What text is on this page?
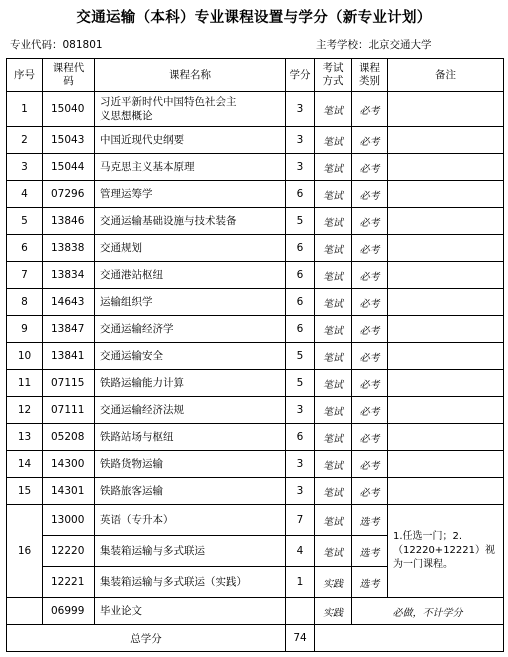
交通运输（本科）专业课程设置与学分（新专业计划）
专业代码：081801	主考学校：北京交通大学
序号	课程代码	课程名称	学分	考试方式	课程类别	备注
1	15040	习近平新时代中国特色社会主义思想概论	3	笔试	必考	
2	15043	中国近现代史纲要	3	笔试	必考	
3	15044	马克思主义基本原理	3	笔试	必考	
4	07296	管理运筹学	6	笔试	必考	
5	13846	交通运输基础设施与技术装备	5	笔试	必考	
6	13838	交通规划	6	笔试	必考	
7	13834	交通港站枢纽	6	笔试	必考	
8	14643	运输组织学	6	笔试	必考	
9	13847	交通运输经济学	6	笔试	必考	
10	13841	交通运输安全	5	笔试	必考	
11	07115	铁路运输能力计算	5	笔试	必考	
12	07111	交通运输经济法规	3	笔试	必考	
13	05208	铁路站场与枢纽	6	笔试	必考	
14	14300	铁路货物运输	3	笔试	必考	
15	14301	铁路旅客运输	3	笔试	必考	
16	13000	英语（专升本）	7	笔试	选考	1.任选一门；2.（12220+12221）视为一门课程。
	12220	集装箱运输与多式联运	4	笔试	选考	
	12221	集装箱运输与多式联运（实践）	1	实践	选考	
	06999	毕业论文		实践	必做，不计学分	
总学分			74			
